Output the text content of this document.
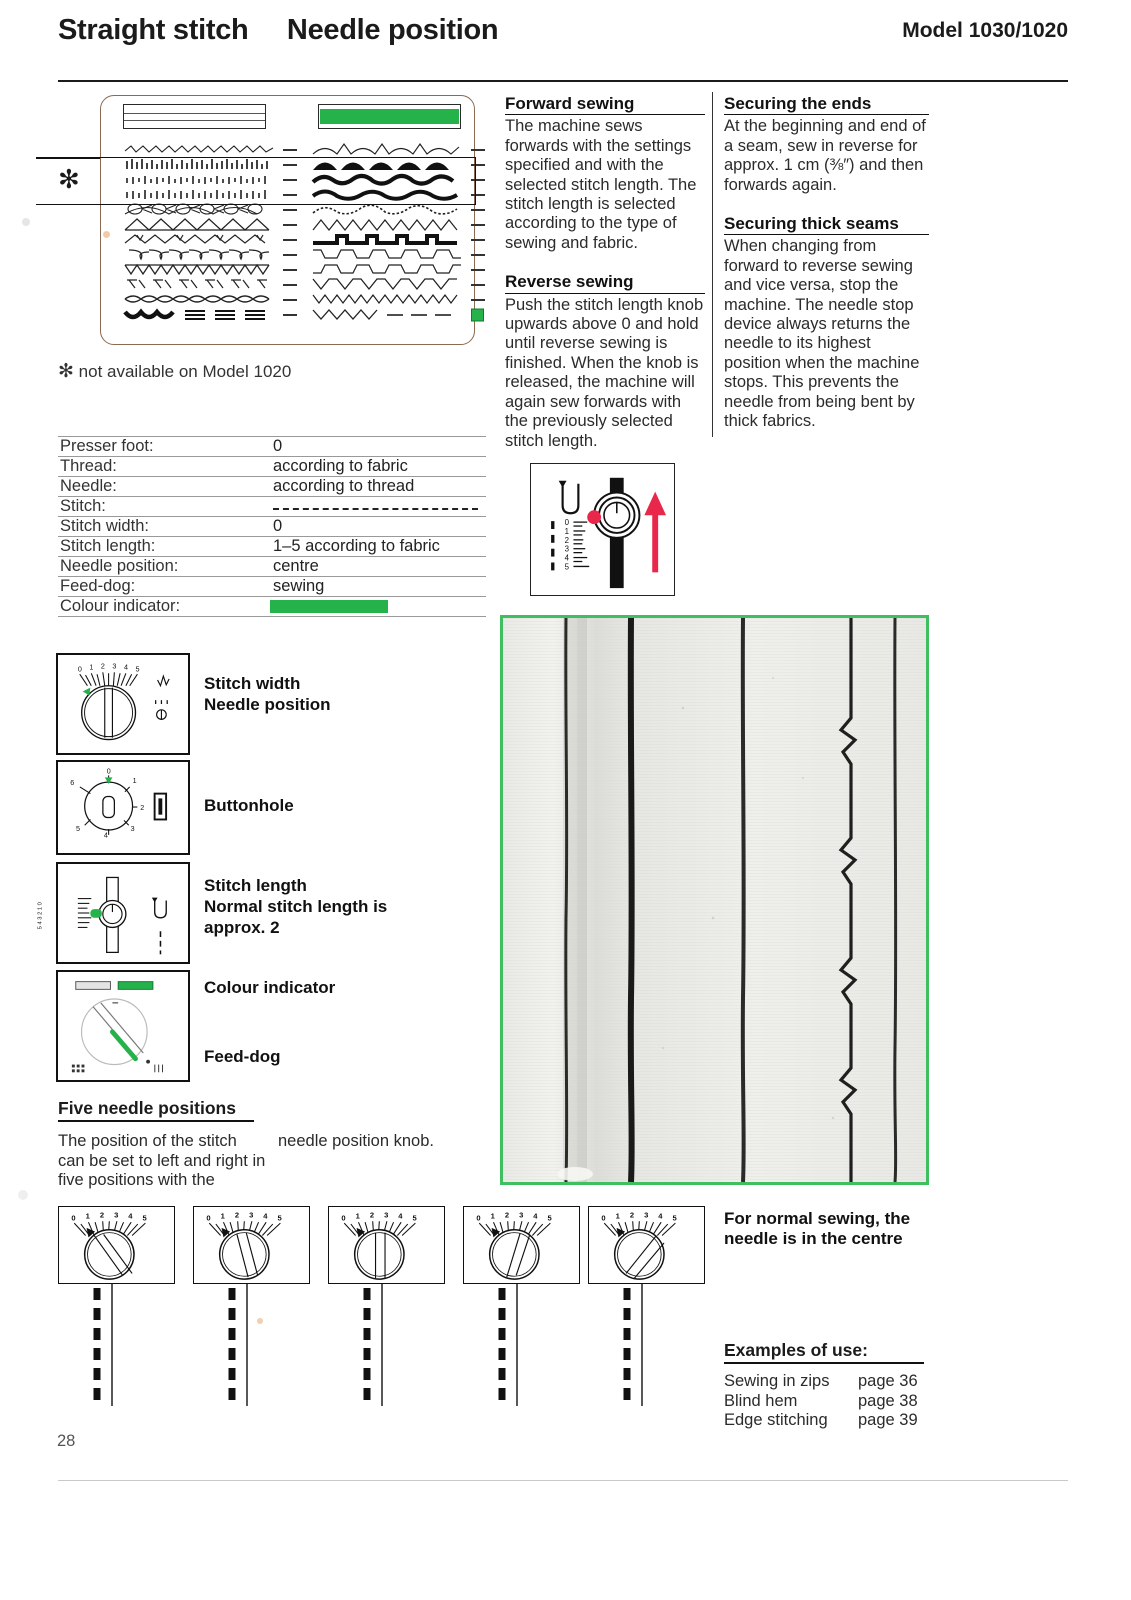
Straight stitch Needle position	Model 1030/1020
✻
✻ not available on Model 1020
Forward sewing

The machine sews forwards with the settings specified and with the selected stitch length. The stitch length is selected according to the type of sewing and fabric.

Reverse sewing

Push the stitch length knob upwards above 0 and hold until reverse sewing is finished. When the knob is released, the machine will again sew forwards with the previously selected stitch length.

Securing the ends

At the beginning and end of a seam, sew in reverse for approx. 1 cm (⅜″) and then forwards again.

Securing thick seams

When changing from forward to reverse sewing and vice versa, stop the machine. The needle stop device always returns the needle to its highest position when the machine stops. This prevents the needle from being bent by thick fabrics.

Presser foot:	0
Thread:	according to fabric
Needle:	according to thread
Stitch:
Stitch width:	0
Stitch length:	1–5 according to fabric
Needle position:	centre
Feed-dog:	sewing
Colour indicator:
0
1
2
3
4
5
0 1 2 3 4 5
Stitch width
Needle position
0
1
2
3
4
5
6
Buttonhole
5 4 3 2 1 0
Stitch length
Normal stitch length is
approx. 2
Colour indicator
Feed-dog
Five needle positions
The position of the stitch can be set to left and right in five positions with the
needle position knob.
0 1 2 3 4 5	0 1 2 3 4 5	0 1 2 3 4 5	0 1 2 3 4 5	0 1 2 3 4 5	For normal sewing, the needle is in the centre
Examples of use:
Sewing in zips page 36
Blind hem	page 38
Edge stitching page 39
28
